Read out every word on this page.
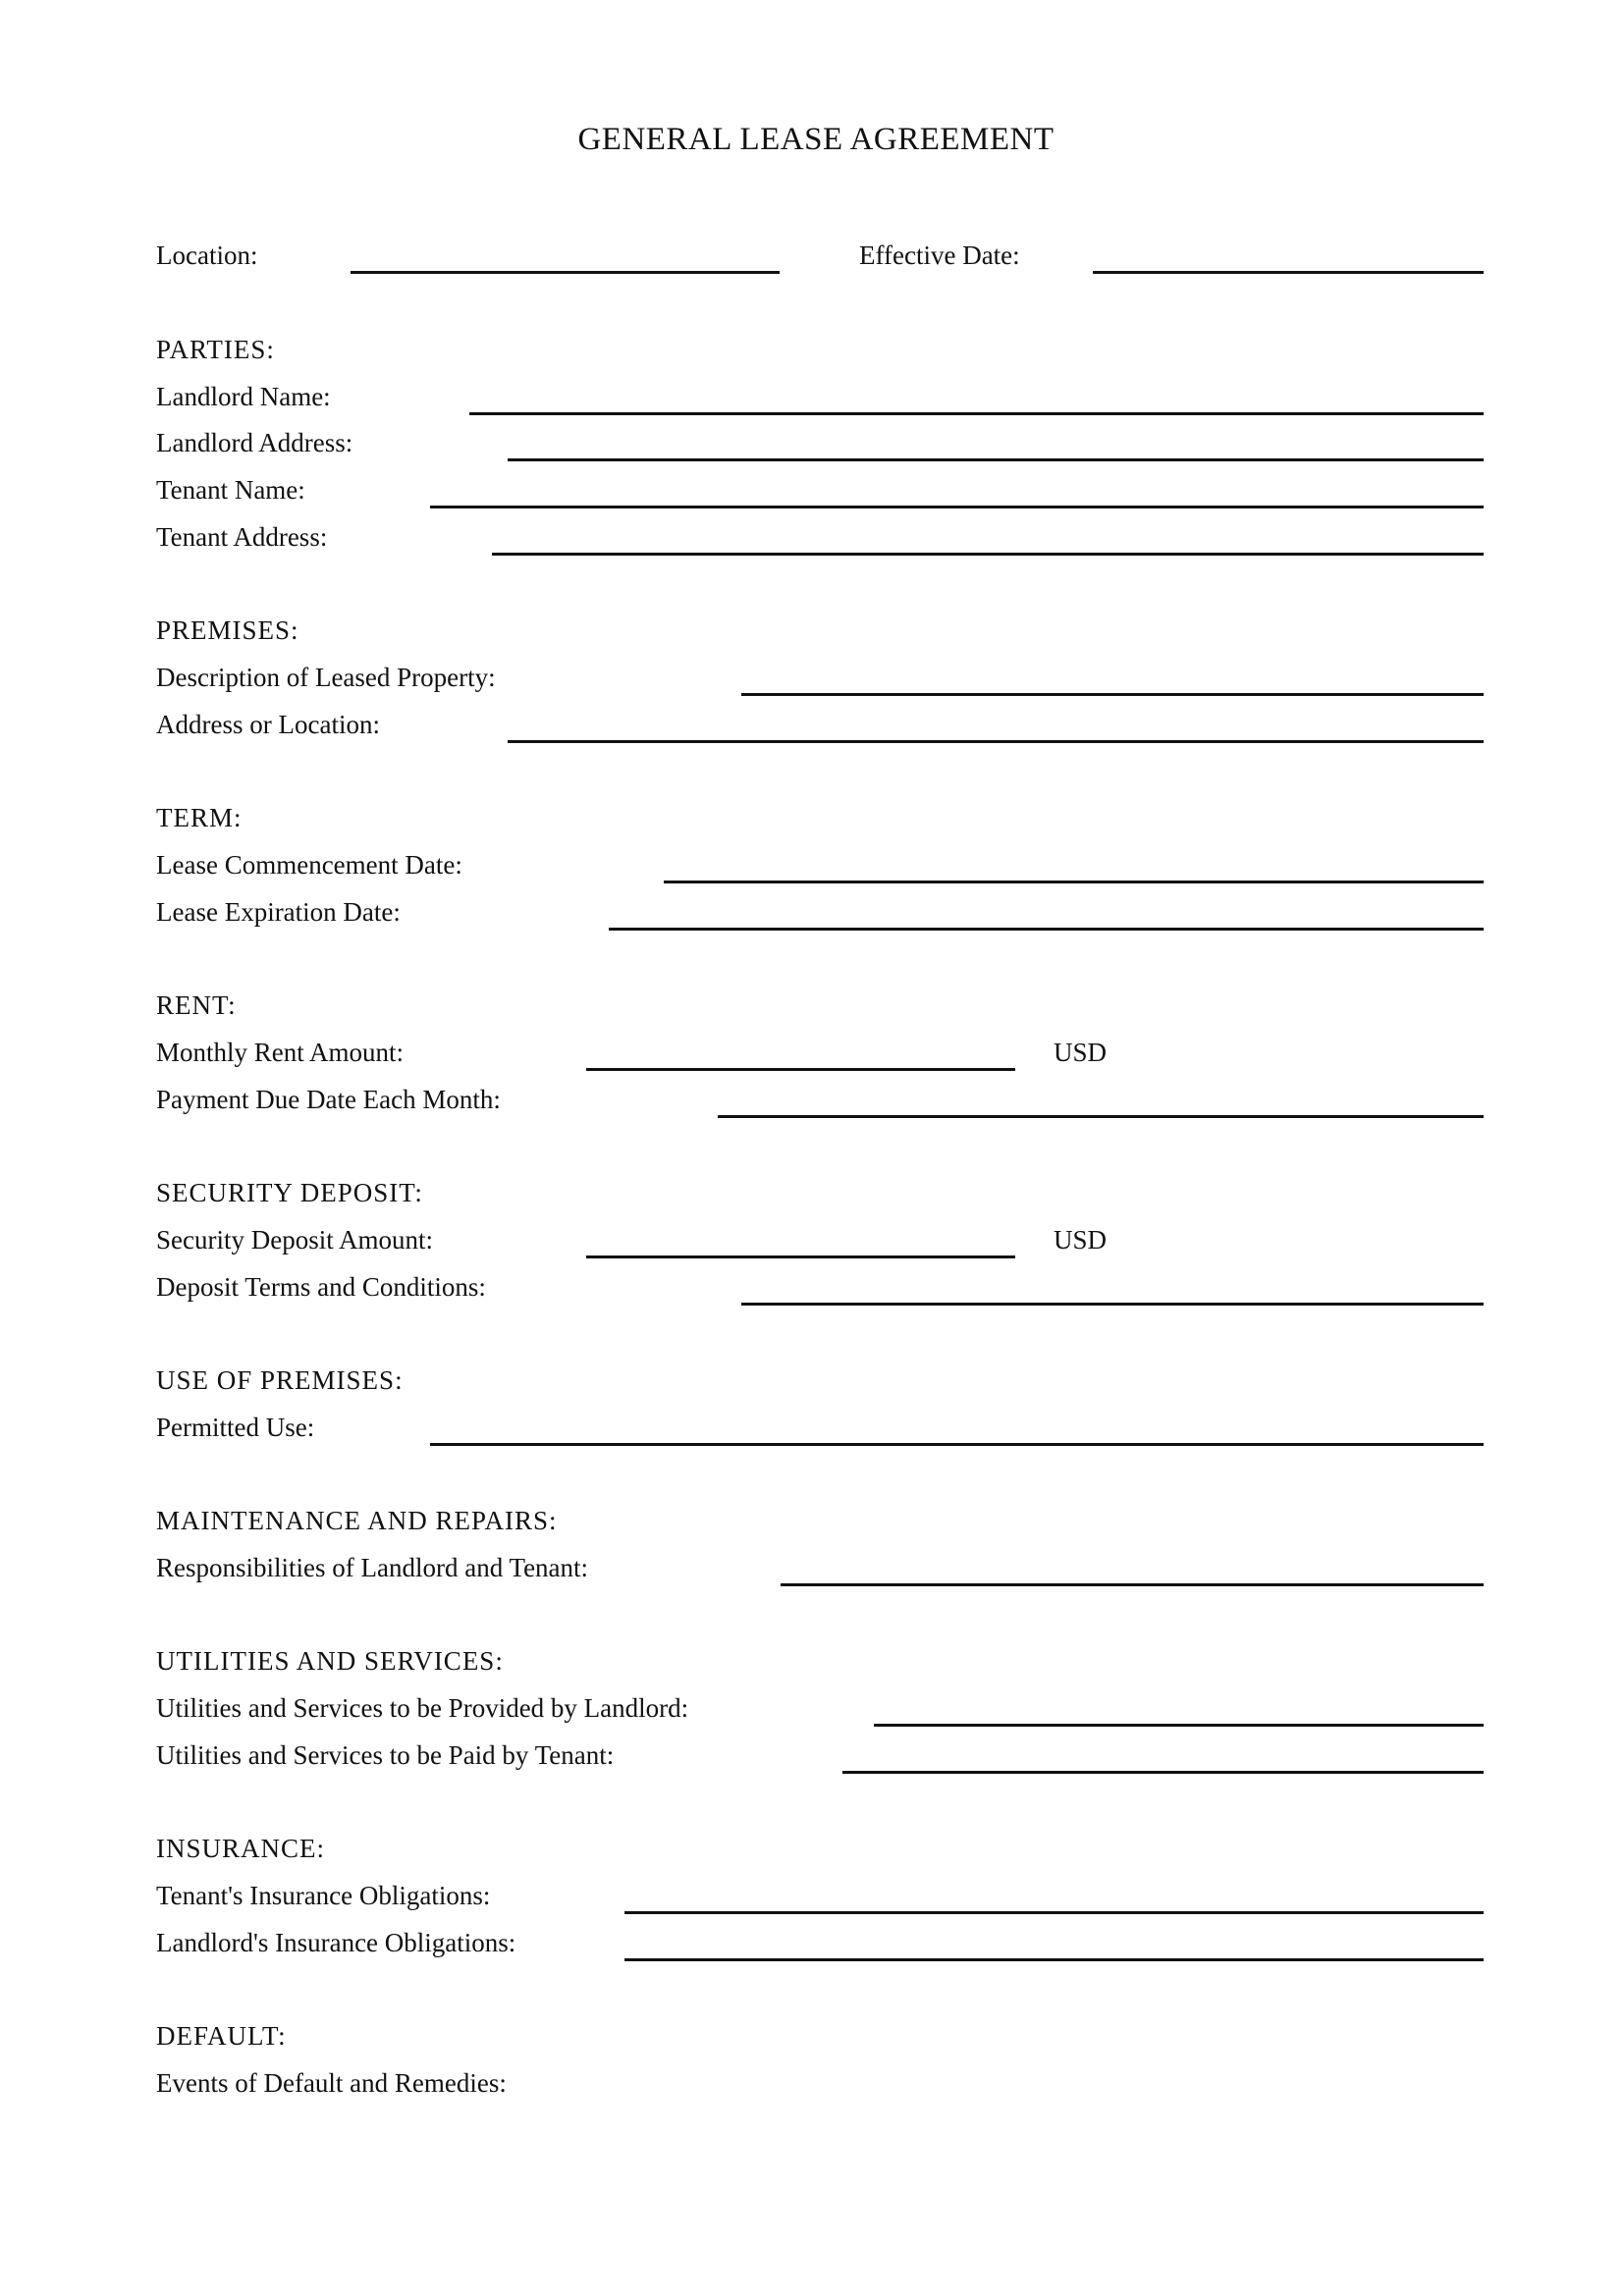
GENERAL LEASE AGREEMENT
Location:	Effective Date:
PARTIES:
Landlord Name:
Landlord Address:
Tenant Name:
Tenant Address:
PREMISES:
Description of Leased Property:
Address or Location:
TERM:
Lease Commencement Date:
Lease Expiration Date:
RENT:
Monthly Rent Amount:	USD
Payment Due Date Each Month:
SECURITY DEPOSIT:
Security Deposit Amount:	USD
Deposit Terms and Conditions:
USE OF PREMISES:
Permitted Use:
MAINTENANCE AND REPAIRS:
Responsibilities of Landlord and Tenant:
UTILITIES AND SERVICES:
Utilities and Services to be Provided by Landlord:
Utilities and Services to be Paid by Tenant:
INSURANCE:
Tenant's Insurance Obligations:
Landlord's Insurance Obligations:
DEFAULT:
Events of Default and Remedies:
